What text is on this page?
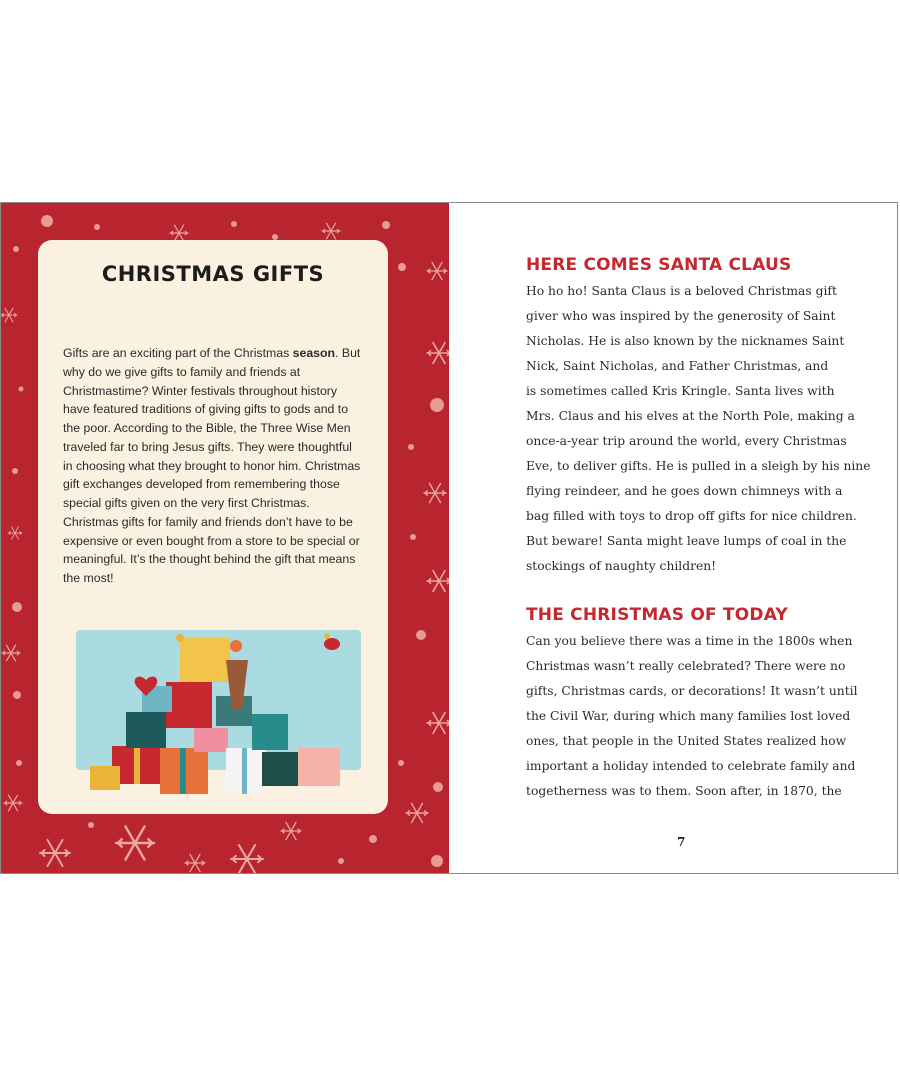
CHRISTMAS GIFTS

Gifts are an exciting part of the Christmas season. But why do we give gifts to family and friends at Christmastime? Winter festivals throughout history have featured traditions of giving gifts to gods and to the poor. According to the Bible, the Three Wise Men traveled far to bring Jesus gifts. They were thoughtful in choosing what they brought to honor him. Christmas gift exchanges developed from remembering those special gifts given on the very first Christmas. Christmas gifts for family and friends don’t have to be expensive or even bought from a store to be special or meaningful. It’s the thought behind the gift that means the most!

HERE COMES SANTA CLAUS

Ho ho ho! Santa Claus is a beloved Christmas gift
giver who was inspired by the generosity of Saint
Nicholas. He is also known by the nicknames Saint
Nick, Saint Nicholas, and Father Christmas, and
is sometimes called Kris Kringle. Santa lives with
Mrs. Claus and his elves at the North Pole, making a
once-a-year trip around the world, every Christmas
Eve, to deliver gifts. He is pulled in a sleigh by his nine
flying reindeer, and he goes down chimneys with a
bag filled with toys to drop off gifts for nice children.
But beware! Santa might leave lumps of coal in the
stockings of naughty children!

THE CHRISTMAS OF TODAY

Can you believe there was a time in the 1800s when
Christmas wasn’t really celebrated? There were no
gifts, Christmas cards, or decorations! It wasn’t until
the Civil War, during which many families lost loved
ones, that people in the United States realized how
important a holiday intended to celebrate family and
togetherness was to them. Soon after, in 1870, the

7
